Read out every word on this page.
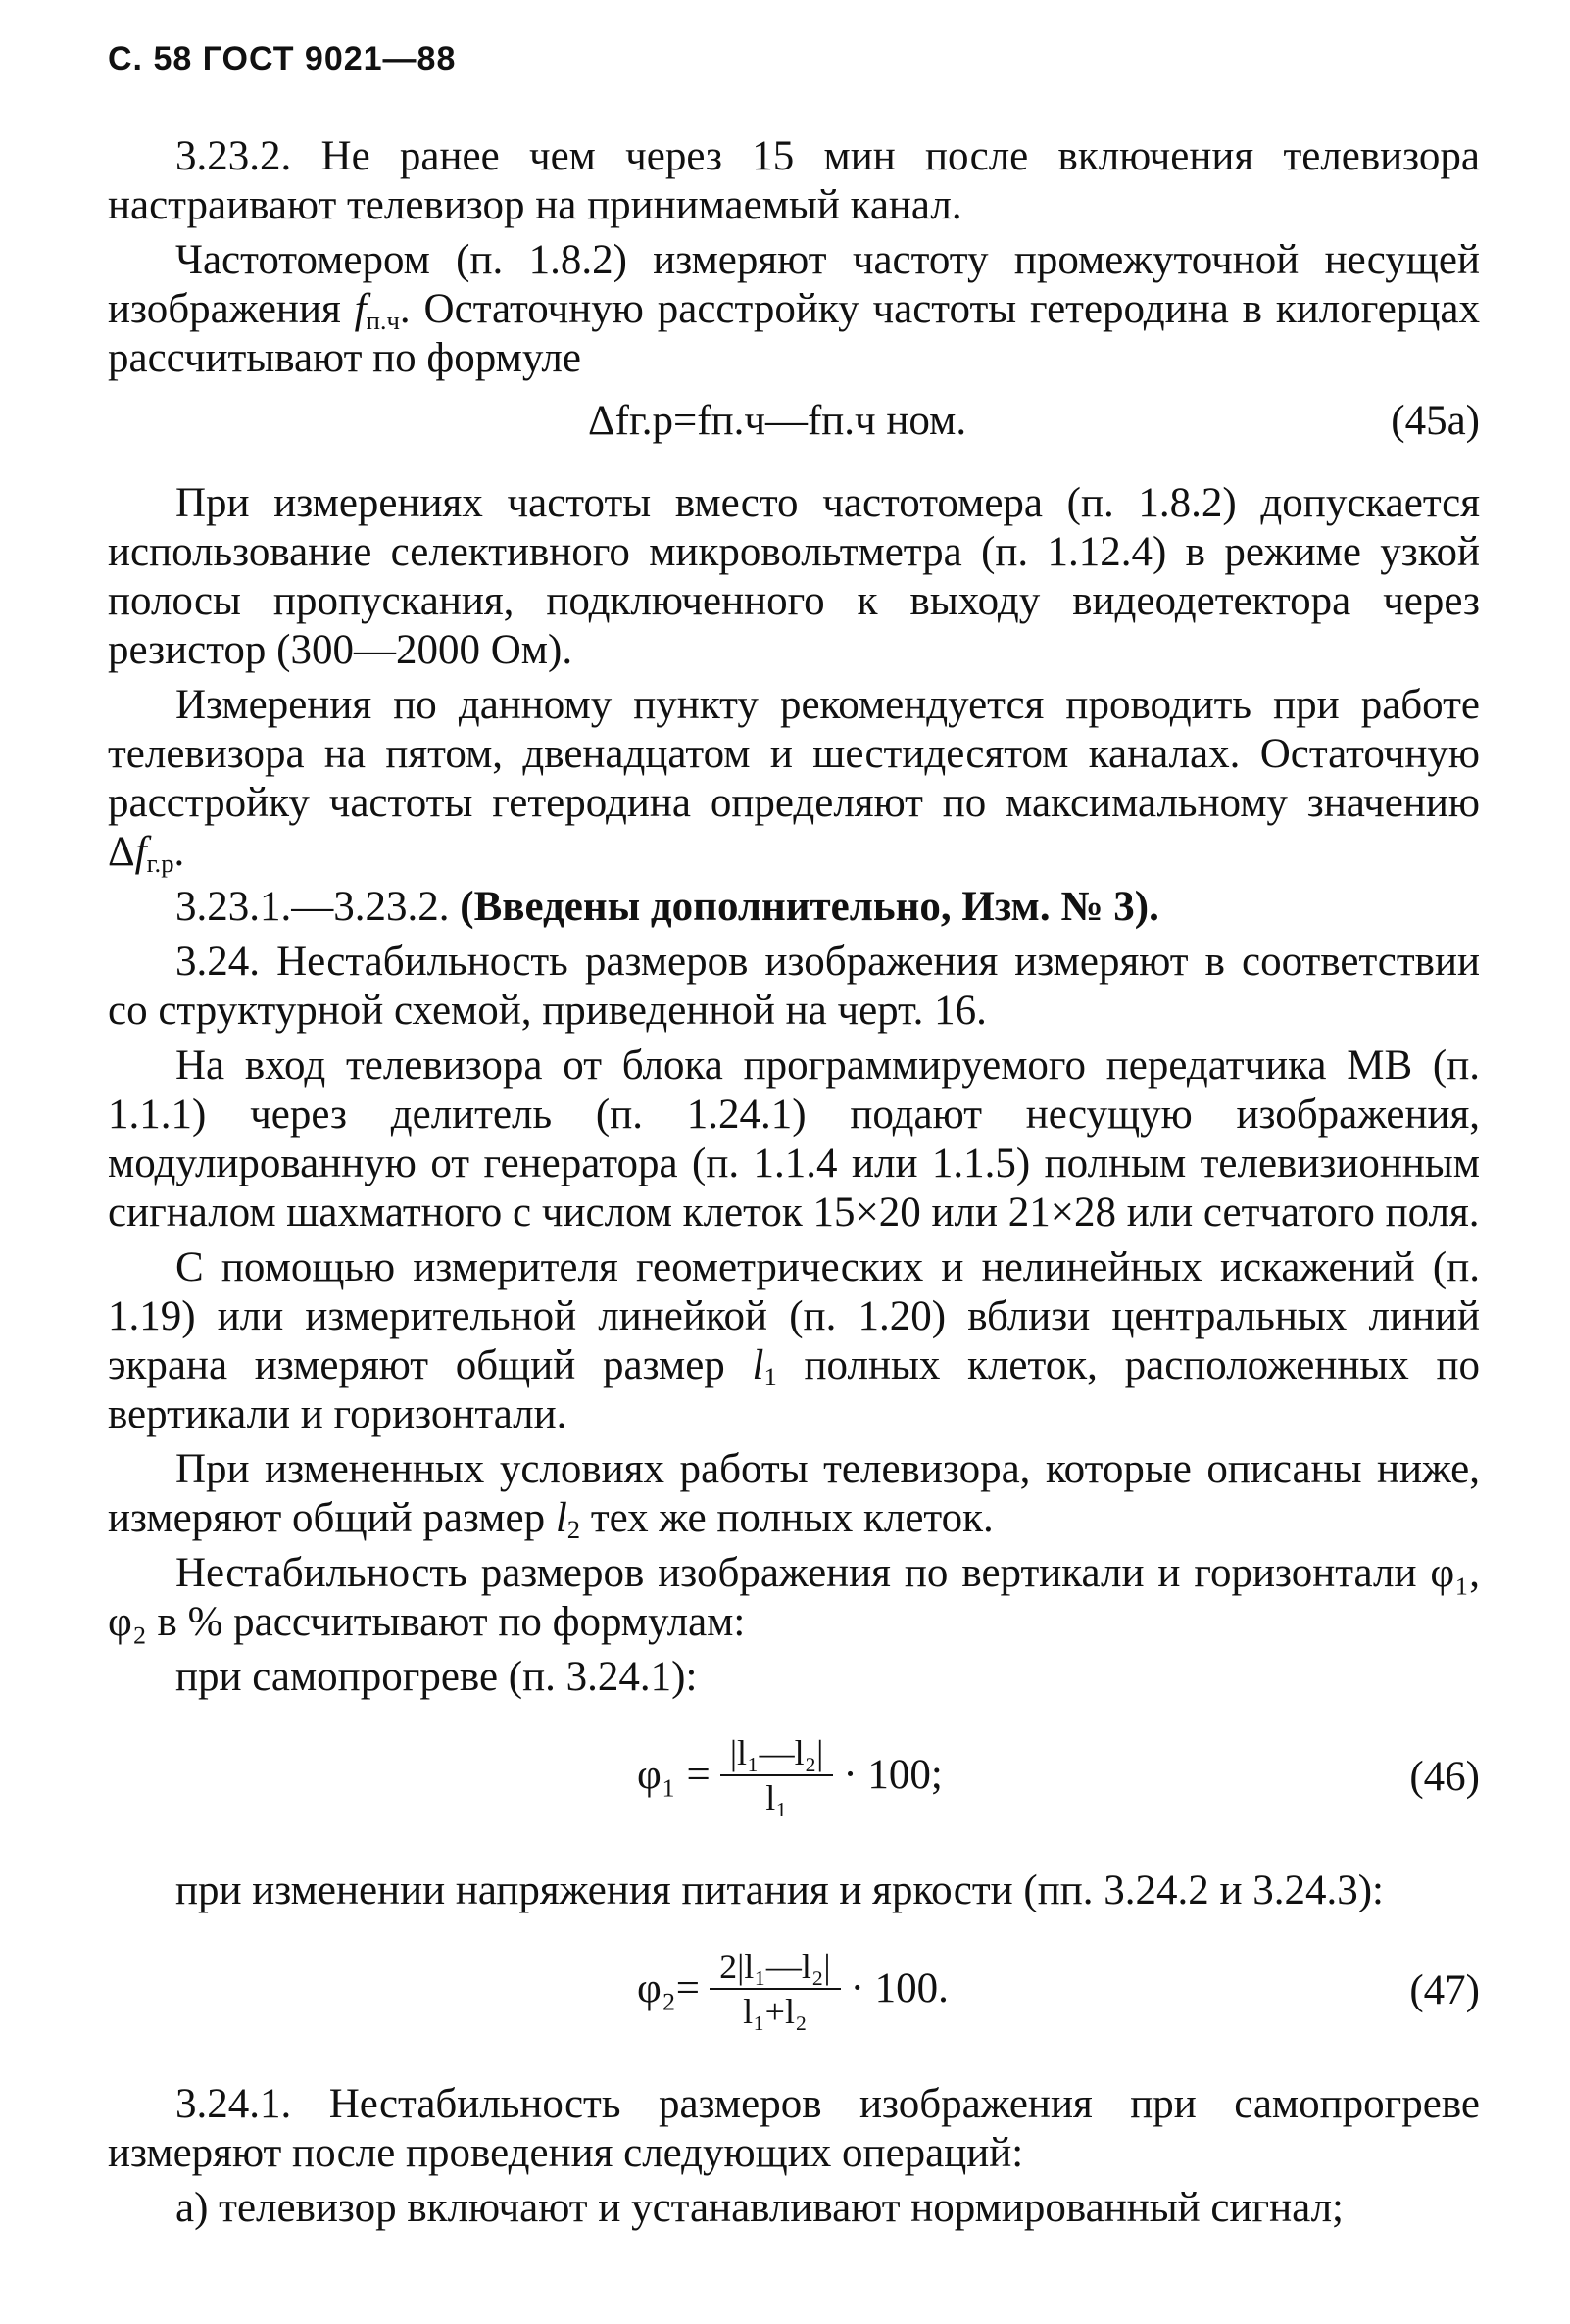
С. 58 ГОСТ 9021—88

3.23.2. Не ранее чем через 15 мин после включения телевизора настраивают телевизор на принимаемый канал.

Частотомером (п. 1.8.2) измеряют частоту промежуточной несущей изображения $f_{п.ч}$. Остаточную расстройку частоты гетеродина в килогерцах рассчитывают по формуле

Δfг.р=fп.ч—fп.ч ном.	(45а)

При измерениях частоты вместо частотомера (п. 1.8.2) допускается использование селективного микровольтметра (п. 1.12.4) в режиме узкой полосы пропускания, подключенного к выходу видеодетектора через резистор (300—2000 Ом).

Измерения по данному пункту рекомендуется проводить при работе телевизора на пятом, двенадцатом и шестидесятом каналах. Остаточную расстройку частоты гетеродина определяют по максимальному значению $\Delta f_{г.р}$.

3.23.1.—3.23.2. (Введены дополнительно, Изм. № 3).

3.24. Нестабильность размеров изображения измеряют в соответствии со структурной схемой, приведенной на черт. 16.

На вход телевизора от блока программируемого передатчика МВ (п. 1.1.1) через делитель (п. 1.24.1) подают несущую изображения, модулированную от генератора (п. 1.1.4 или 1.1.5) полным телевизионным сигналом шахматного с числом клеток 15×20 или 21×28 или сетчатого поля.

С помощью измерителя геометрических и нелинейных искажений (п. 1.19) или измерительной линейкой (п. 1.20) вблизи центральных линий экрана измеряют общий размер $l_1$ полных клеток, расположенных по вертикали и горизонтали.

При измененных условиях работы телевизора, которые описаны ниже, измеряют общий размер $l_2$ тех же полных клеток.

Нестабильность размеров изображения по вертикали и горизонтали φ₁, φ₂ в % рассчитывают по формулам:

при самопрогреве (п. 3.24.1):

$\varphi_1 = \frac{\text{|l₁—l₂|}}{\text{l₁}} \cdot 100$;	(46)

при изменении напряжения питания и яркости (пп. 3.24.2 и 3.24.3):

$\varphi_2= \frac{\text{2|l₁—l₂|}}{\text{l₁+l₂}} \cdot 100$.	(47)

3.24.1. Нестабильность размеров изображения при самопрогреве измеряют после проведения следующих операций:

а) телевизор включают и устанавливают нормированный сигнал;
